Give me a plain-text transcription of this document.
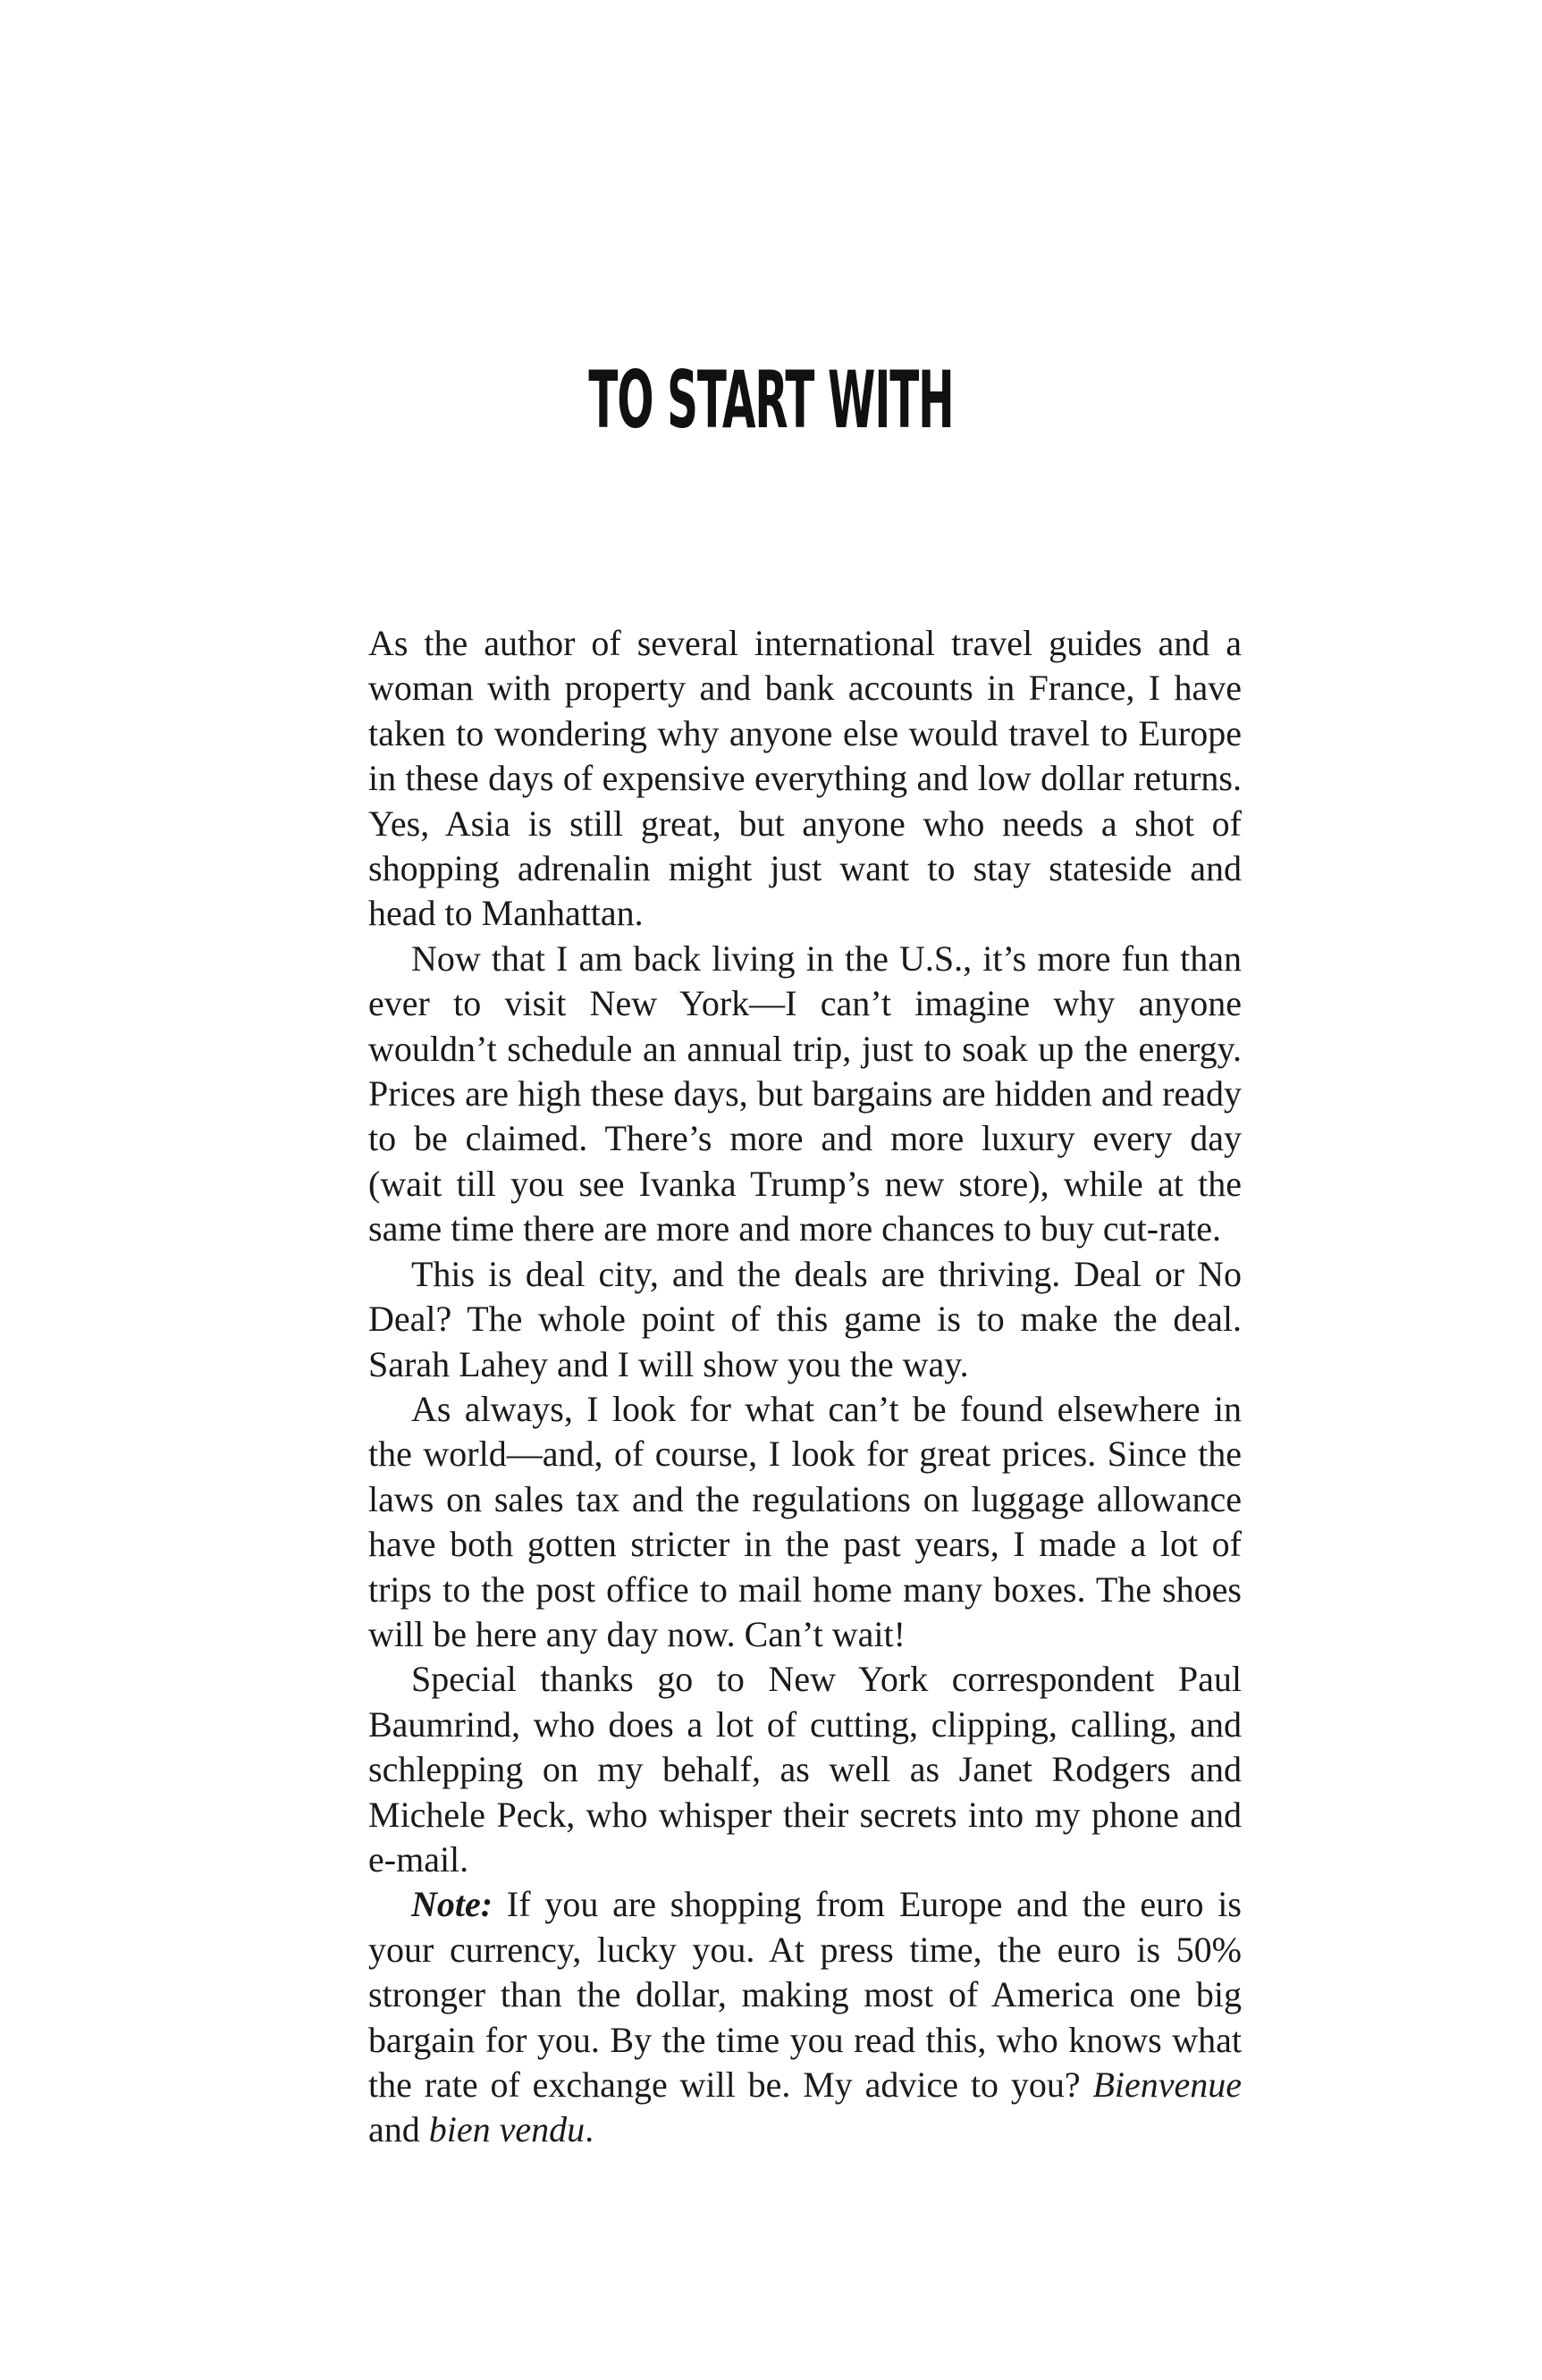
TO START WITH

As the author of several international travel guides and a woman with property and bank accounts in France, I have taken to wondering why anyone else would travel to Europe in these days of expensive everything and low dollar returns. Yes, Asia is still great, but anyone who needs a shot of shopping adrenalin might just want to stay stateside and head to Manhattan.

Now that I am back living in the U.S., it’s more fun than ever to visit New York—I can’t imagine why anyone wouldn’t schedule an annual trip, just to soak up the energy. Prices are high these days, but bargains are hidden and ready to be claimed. There’s more and more luxury every day (wait till you see Ivanka Trump’s new store), while at the same time there are more and more chances to buy cut-rate.

This is deal city, and the deals are thriving. Deal or No Deal? The whole point of this game is to make the deal. Sarah Lahey and I will show you the way.

As always, I look for what can’t be found elsewhere in the world—and, of course, I look for great prices. Since the laws on sales tax and the regulations on luggage allowance have both gotten stricter in the past years, I made a lot of trips to the post office to mail home many boxes. The shoes will be here any day now. Can’t wait!

Special thanks go to New York correspondent Paul Baumrind, who does a lot of cutting, clipping, calling, and schlepping on my behalf, as well as Janet Rodgers and Michele Peck, who whisper their secrets into my phone and e-mail.

Note: If you are shopping from Europe and the euro is your currency, lucky you. At press time, the euro is 50% stronger than the dollar, making most of America one big bargain for you. By the time you read this, who knows what the rate of exchange will be. My advice to you? Bienvenue and bien vendu.
